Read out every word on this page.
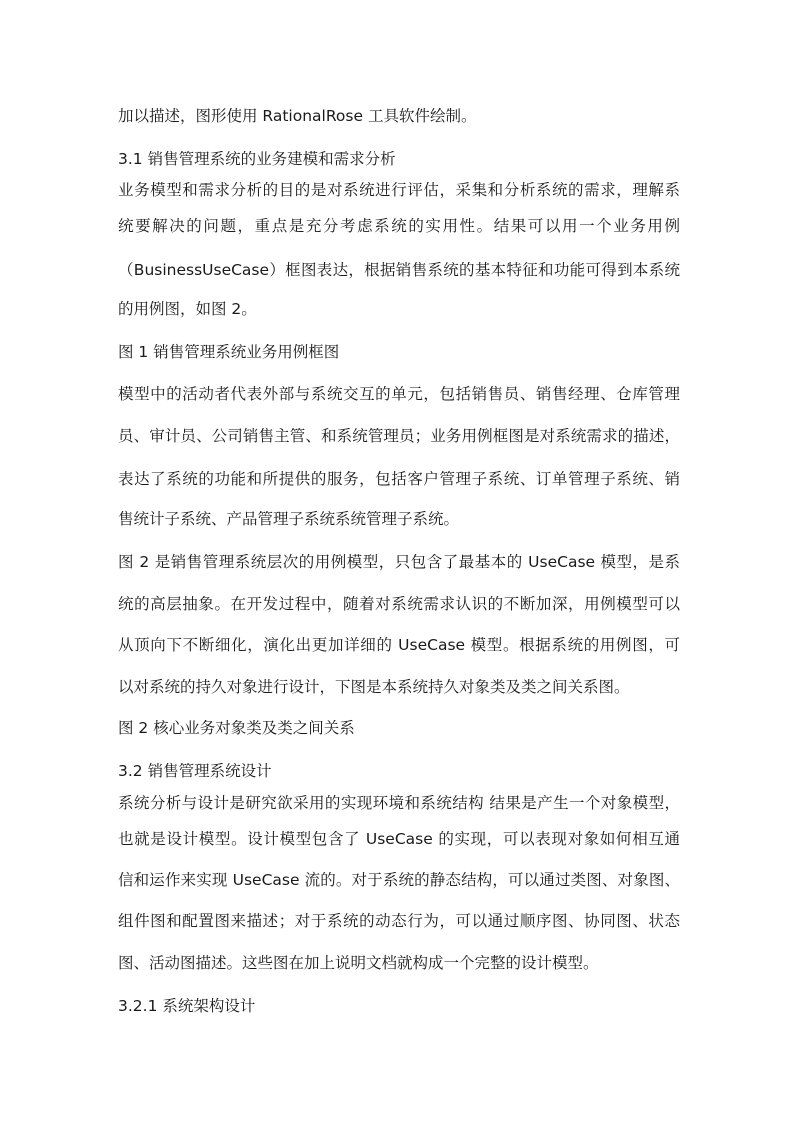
加以描述，图形使用 RationalRose 工具软件绘制。
3.1 销售管理系统的业务建模和需求分析
业务模型和需求分析的目的是对系统进行评估，采集和分析系统的需求，理解系
统要解决的问题，重点是充分考虑系统的实用性。结果可以用一个业务用例
（BusinessUseCase）框图表达，根据销售系统的基本特征和功能可得到本系统
的用例图，如图 2。
图 1 销售管理系统业务用例框图
模型中的活动者代表外部与系统交互的单元，包括销售员、销售经理、仓库管理
员、审计员、公司销售主管、和系统管理员；业务用例框图是对系统需求的描述，
表达了系统的功能和所提供的服务，包括客户管理子系统、订单管理子系统、销
售统计子系统、产品管理子系统系统管理子系统。
图 2 是销售管理系统层次的用例模型，只包含了最基本的 UseCase 模型，是系
统的高层抽象。在开发过程中，随着对系统需求认识的不断加深，用例模型可以
从顶向下不断细化，演化出更加详细的 UseCase 模型。根据系统的用例图，可
以对系统的持久对象进行设计，下图是本系统持久对象类及类之间关系图。
图 2 核心业务对象类及类之间关系
3.2 销售管理系统设计
系统分析与设计是研究欲采用的实现环境和系统结构 结果是产生一个对象模型，
也就是设计模型。设计模型包含了 UseCase 的实现，可以表现对象如何相互通
信和运作来实现 UseCase 流的。对于系统的静态结构，可以通过类图、对象图、
组件图和配置图来描述；对于系统的动态行为，可以通过顺序图、协同图、状态
图、活动图描述。这些图在加上说明文档就构成一个完整的设计模型。
3.2.1 系统架构设计
